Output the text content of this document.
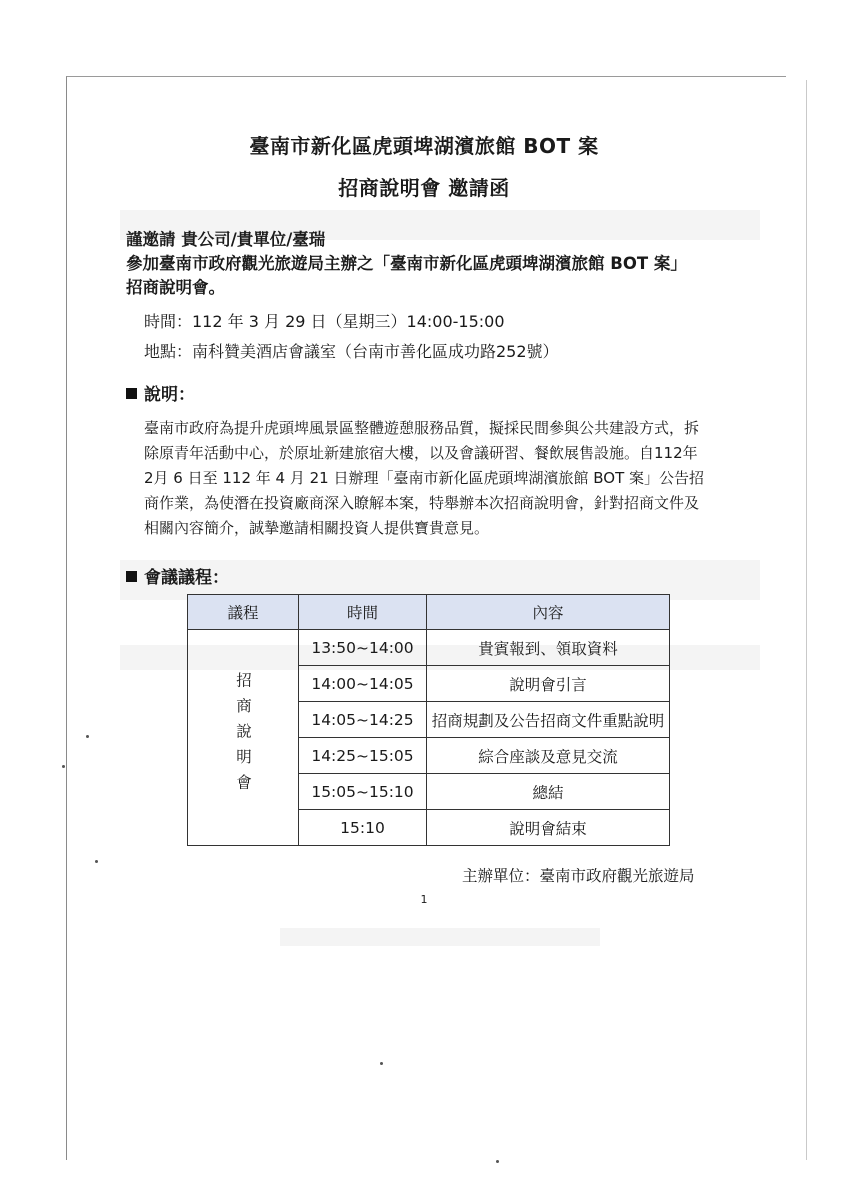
臺南市新化區虎頭埤湖濱旅館 BOT 案
招商說明會 邀請函
謹邀請 貴公司/貴單位/臺瑞
參加臺南市政府觀光旅遊局主辦之「臺南市新化區虎頭埤湖濱旅館 BOT 案」
招商說明會。
時間：112 年 3 月 29 日（星期三）14:00-15:00
地點：南科贊美酒店會議室（台南市善化區成功路252號）
說明：
臺南市政府為提升虎頭埤風景區整體遊憩服務品質，擬採民間參與公共建設方式，拆
除原青年活動中心，於原址新建旅宿大樓，以及會議研習、餐飲展售設施。自112年
2月 6 日至 112 年 4 月 21 日辦理「臺南市新化區虎頭埤湖濱旅館 BOT 案」公告招
商作業，為使潛在投資廠商深入瞭解本案，特舉辦本次招商說明會，針對招商文件及
相關內容簡介，誠摯邀請相關投資人提供寶貴意見。
會議議程：
議程	時間	內容
招商說明會	13:50~14:00	貴賓報到、領取資料
	14:00~14:05	說明會引言
	14:05~14:25	招商規劃及公告招商文件重點說明
	14:25~15:05	綜合座談及意見交流
	15:05~15:10	總結
	15:10	說明會結束
主辦單位：臺南市政府觀光旅遊局
1
